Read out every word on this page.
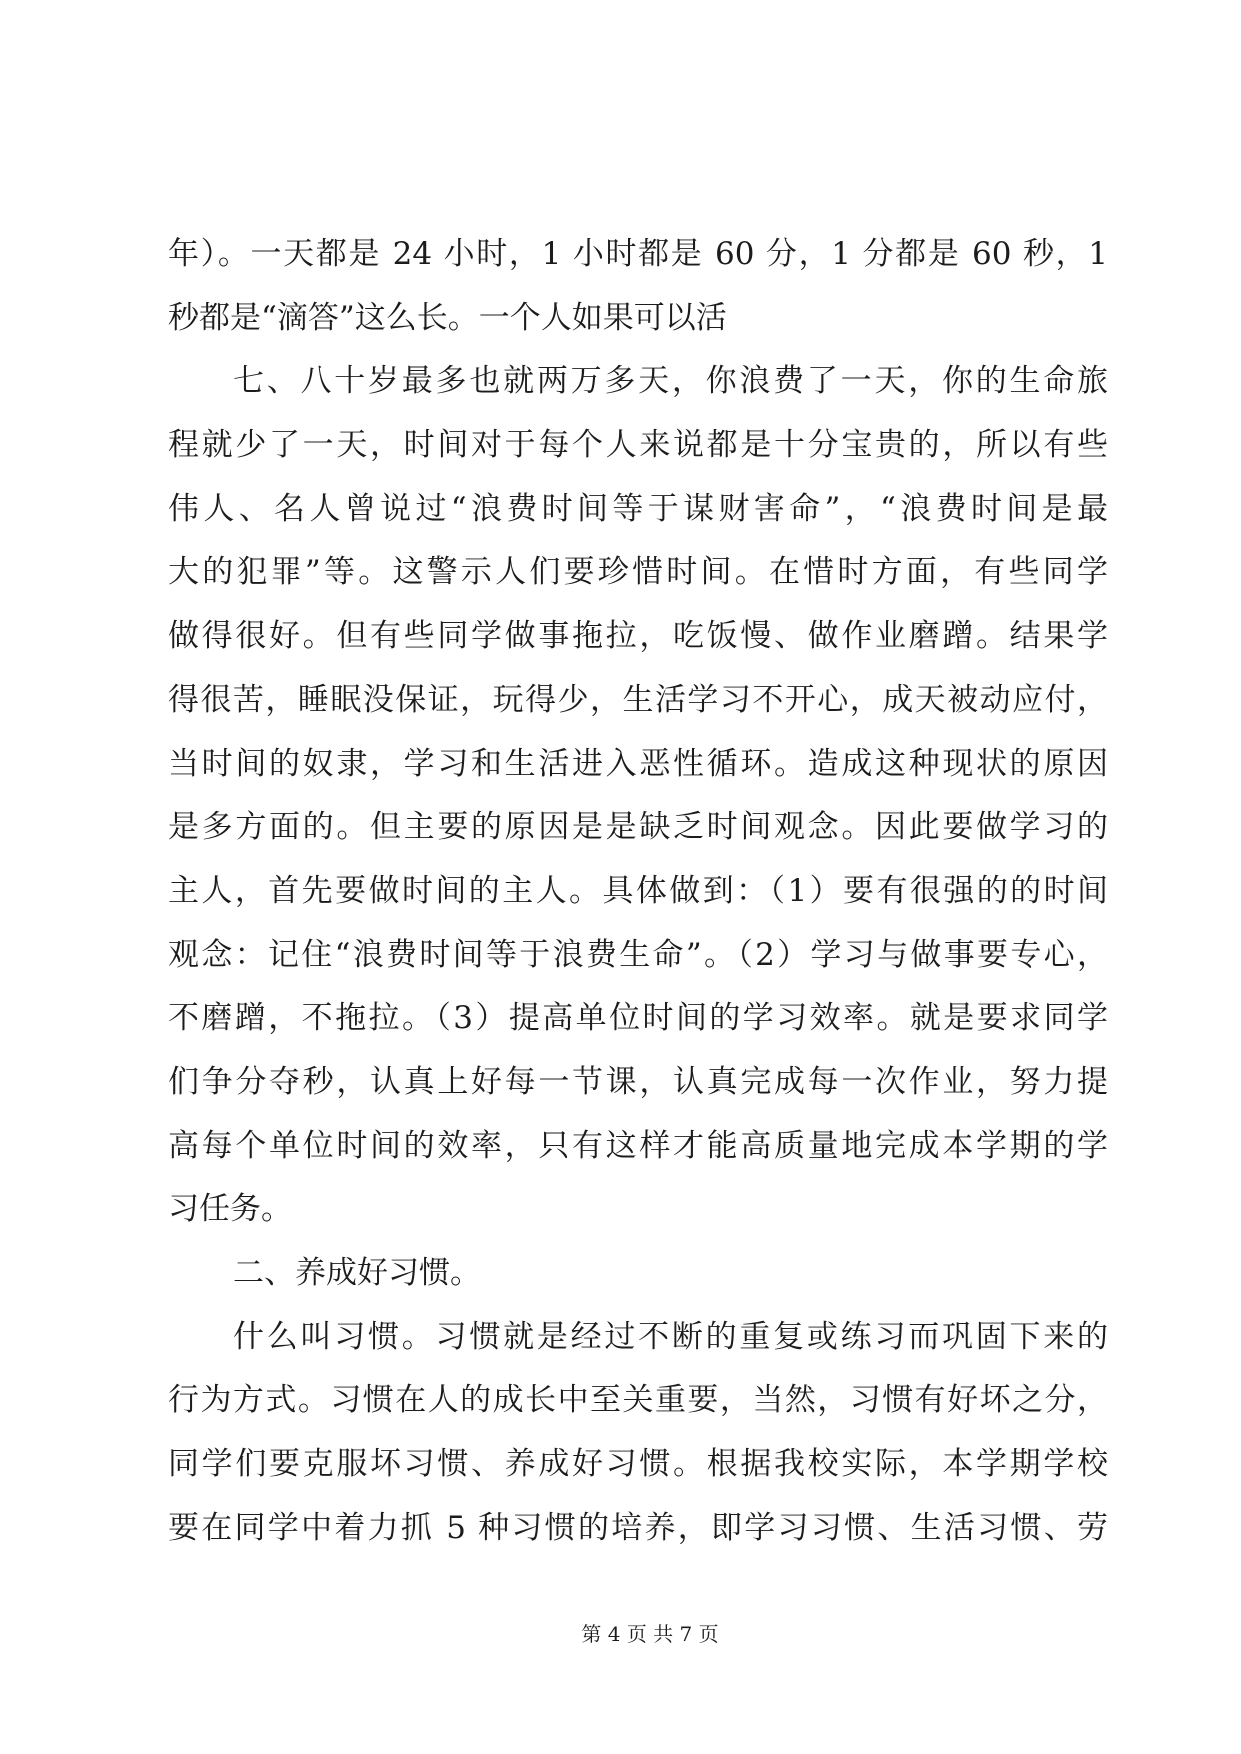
年）。一天都是 24 小时，1 小时都是 60 分，1 分都是 60 秒，1
秒都是“滴答”这么长。一个人如果可以活
七、八十岁最多也就两万多天，你浪费了一天，你的生命旅
程就少了一天，时间对于每个人来说都是十分宝贵的，所以有些
伟人、名人曾说过“浪费时间等于谋财害命”，“浪费时间是最
大的犯罪”等。这警示人们要珍惜时间。在惜时方面，有些同学
做得很好。但有些同学做事拖拉，吃饭慢、做作业磨蹭。结果学
得很苦，睡眠没保证，玩得少，生活学习不开心，成天被动应付，
当时间的奴隶，学习和生活进入恶性循环。造成这种现状的原因
是多方面的。但主要的原因是是缺乏时间观念。因此要做学习的
主人，首先要做时间的主人。具体做到：（1）要有很强的的时间
观念：记住“浪费时间等于浪费生命”。（2）学习与做事要专心，
不磨蹭，不拖拉。（3）提高单位时间的学习效率。就是要求同学
们争分夺秒，认真上好每一节课，认真完成每一次作业，努力提
高每个单位时间的效率，只有这样才能高质量地完成本学期的学
习任务。
二、养成好习惯。
什么叫习惯。习惯就是经过不断的重复或练习而巩固下来的
行为方式。习惯在人的成长中至关重要，当然，习惯有好坏之分，
同学们要克服坏习惯、养成好习惯。根据我校实际，本学期学校
要在同学中着力抓 5 种习惯的培养，即学习习惯、生活习惯、劳
第 4 页 共 7 页
